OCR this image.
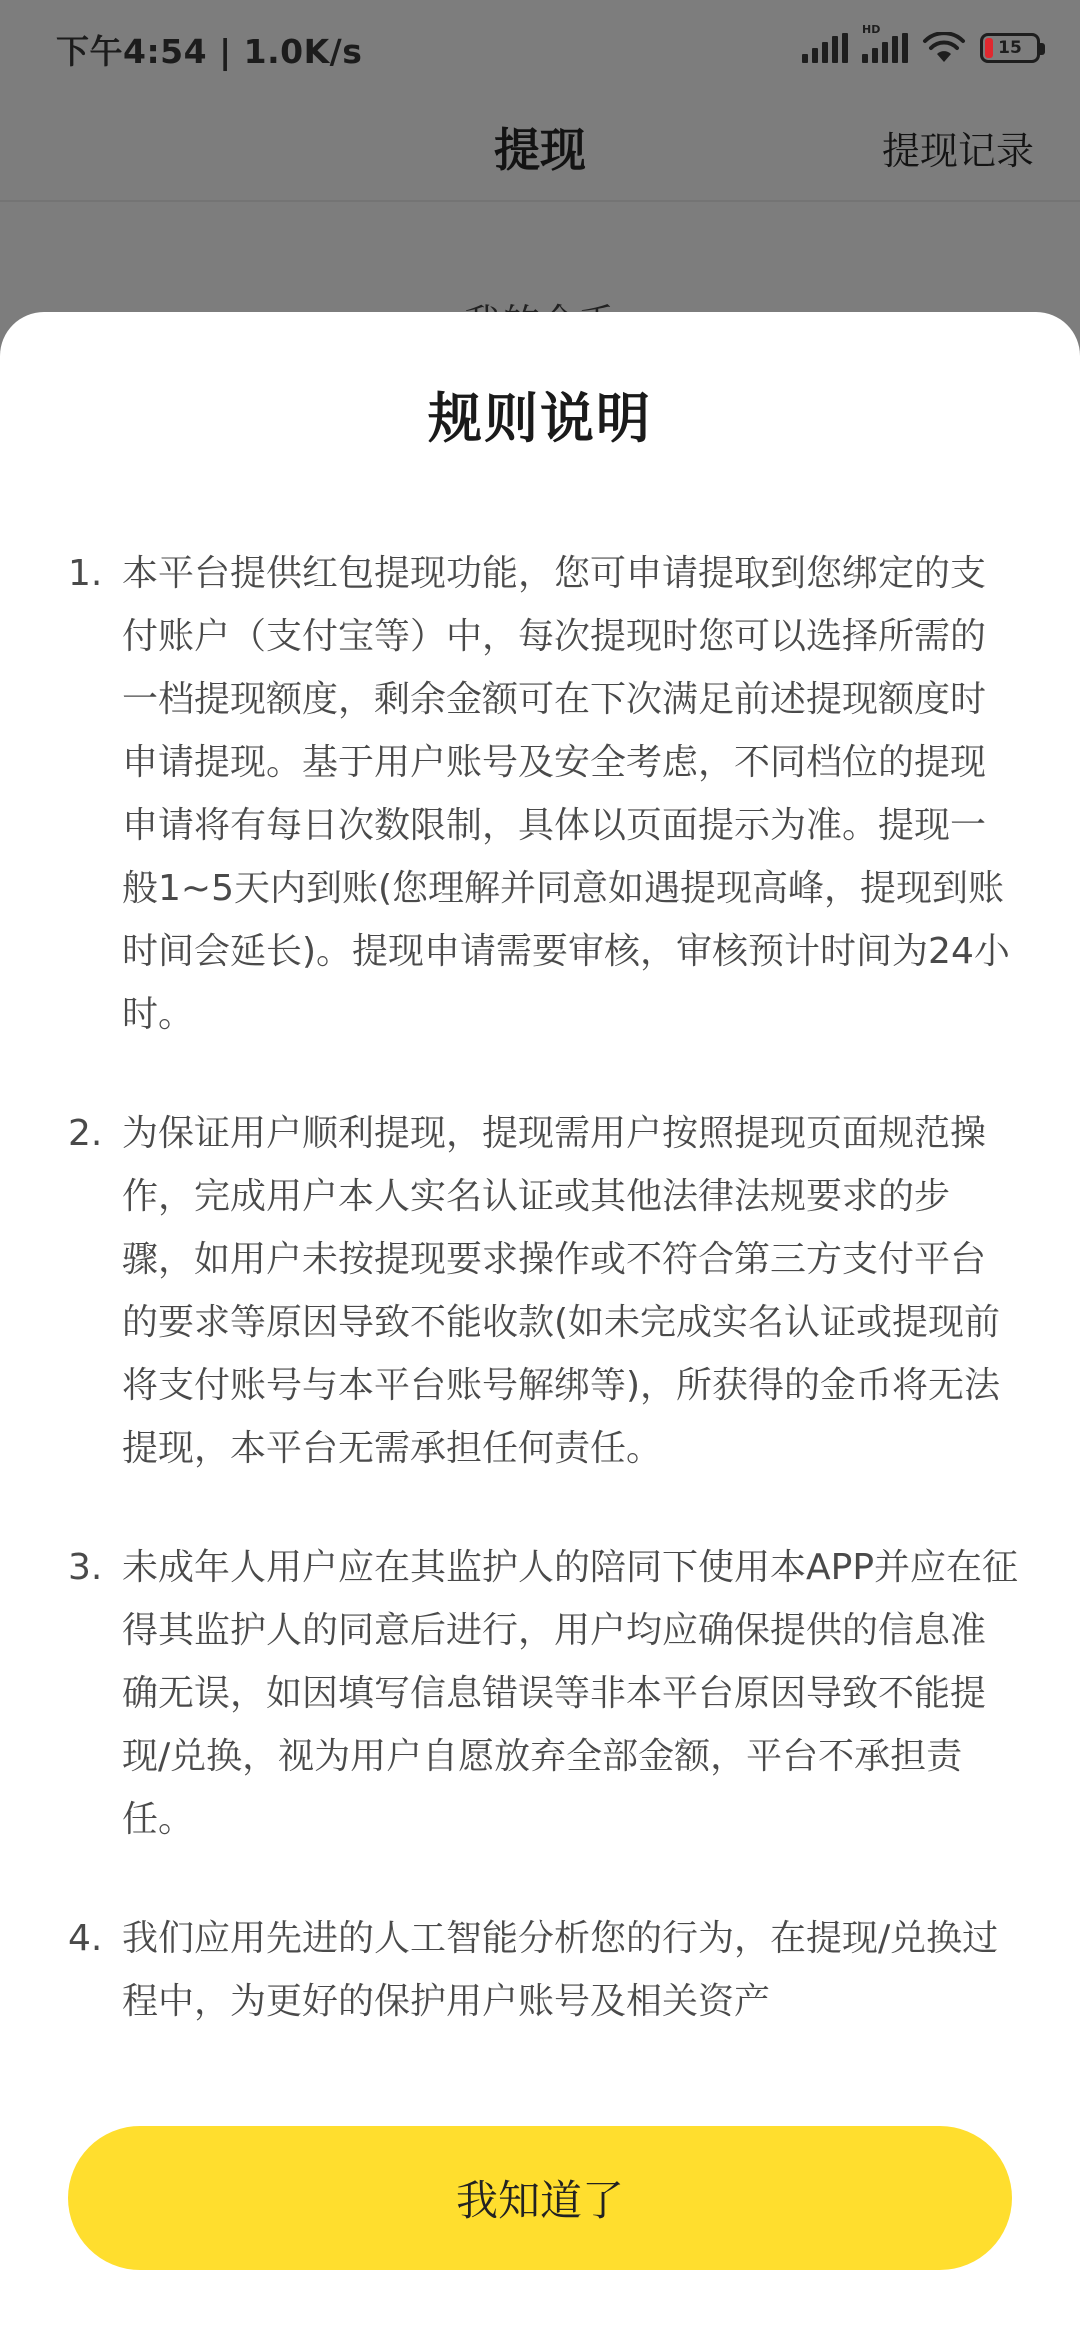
下午4:54 | 1.0K/s
HD
15
提现	提现记录
规则说明
1. 本平台提供红包提现功能，您可申请提取到您绑定的支付账户（支付宝等）中，每次提现时您可以选择所需的一档提现额度，剩余金额可在下次满足前述提现额度时申请提现。基于用户账号及安全考虑，不同档位的提现申请将有每日次数限制，具体以页面提示为准。提现一般1~5天内到账(您理解并同意如遇提现高峰，提现到账时间会延长)。提现申请需要审核，审核预计时间为24小时。
2. 为保证用户顺利提现，提现需用户按照提现页面规范操作，完成用户本人实名认证或其他法律法规要求的步骤，如用户未按提现要求操作或不符合第三方支付平台的要求等原因导致不能收款(如未完成实名认证或提现前将支付账号与本平台账号解绑等)，所获得的金币将无法提现，本平台无需承担任何责任。
3. 未成年人用户应在其监护人的陪同下使用本APP并应在征得其监护人的同意后进行，用户均应确保提供的信息准确无误，如因填写信息错误等非本平台原因导致不能提现/兑换，视为用户自愿放弃全部金额，平台不承担责任。
4. 我们应用先进的人工智能分析您的行为，在提现/兑换过程中，为更好的保护用户账号及相关资产
我知道了
